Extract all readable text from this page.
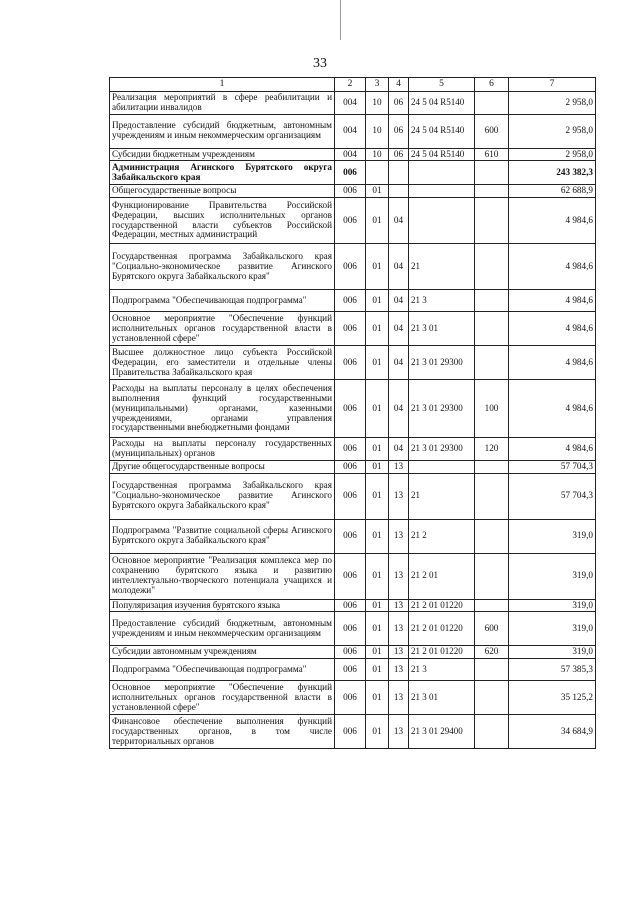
33
1	2	3	4	5	6	7
Реализация мероприятий в сфере реабилитации и абилитации инвалидов	004	10	06	24 5 04 R5140		2 958,0
Предоставление субсидий бюджетным, автономным учреждениям и иным некоммерческим организациям	004	10	06	24 5 04 R5140	600	2 958,0
Субсидии бюджетным учреждениям	004	10	06	24 5 04 R5140	610	2 958,0
Администрация Агинского Бурятского округа Забайкальского края	006					243 382,3
Общегосударственные вопросы	006	01				62 688,9
Функционирование Правительства Российской Федерации, высших исполнительных органов государственной власти субъектов Российской Федерации, местных администраций	006	01	04			4 984,6
Государственная программа Забайкальского края "Социально-экономическое развитие Агинского Бурятского округа Забайкальского края"	006	01	04	21		4 984,6
Подпрограмма "Обеспечивающая подпрограмма"	006	01	04	21 3		4 984,6
Основное мероприятие "Обеспечение функций исполнительных органов государственной власти в установленной сфере"	006	01	04	21 3 01		4 984,6
Высшее должностное лицо субъекта Российской Федерации, его заместители и отдельные члены Правительства Забайкальского края	006	01	04	21 3 01 29300		4 984,6
Расходы на выплаты персоналу в целях обеспечения выполнения функций государственными (муниципальными) органами, казенными учреждениями, органами управления государственными внебюджетными фондами	006	01	04	21 3 01 29300	100	4 984,6
Расходы на выплаты персоналу государственных (муниципальных) органов	006	01	04	21 3 01 29300	120	4 984,6
Другие общегосударственные вопросы	006	01	13			57 704,3
Государственная программа Забайкальского края "Социально-экономическое развитие Агинского Бурятского округа Забайкальского края"	006	01	13	21		57 704,3
Подпрограмма "Развитие социальной сферы Агинского Бурятского округа Забайкальского края"	006	01	13	21 2		319,0
Основное мероприятие "Реализация комплекса мер по сохранению бурятского языка и развитию интеллектуально-творческого потенциала учащихся и молодежи"	006	01	13	21 2 01		319,0
Популяризация изучения бурятского языка	006	01	13	21 2 01 01220		319,0
Предоставление субсидий бюджетным, автономным учреждениям и иным некоммерческим организациям	006	01	13	21 2 01 01220	600	319,0
Субсидии автономным учреждениям	006	01	13	21 2 01 01220	620	319,0
Подпрограмма "Обеспечивающая подпрограмма"	006	01	13	21 3		57 385,3
Основное мероприятие "Обеспечение функций исполнительных органов государственной власти в установленной сфере"	006	01	13	21 3 01		35 125,2
Финансовое обеспечение выполнения функций государственных органов, в том числе территориальных органов	006	01	13	21 3 01 29400		34 684,9
